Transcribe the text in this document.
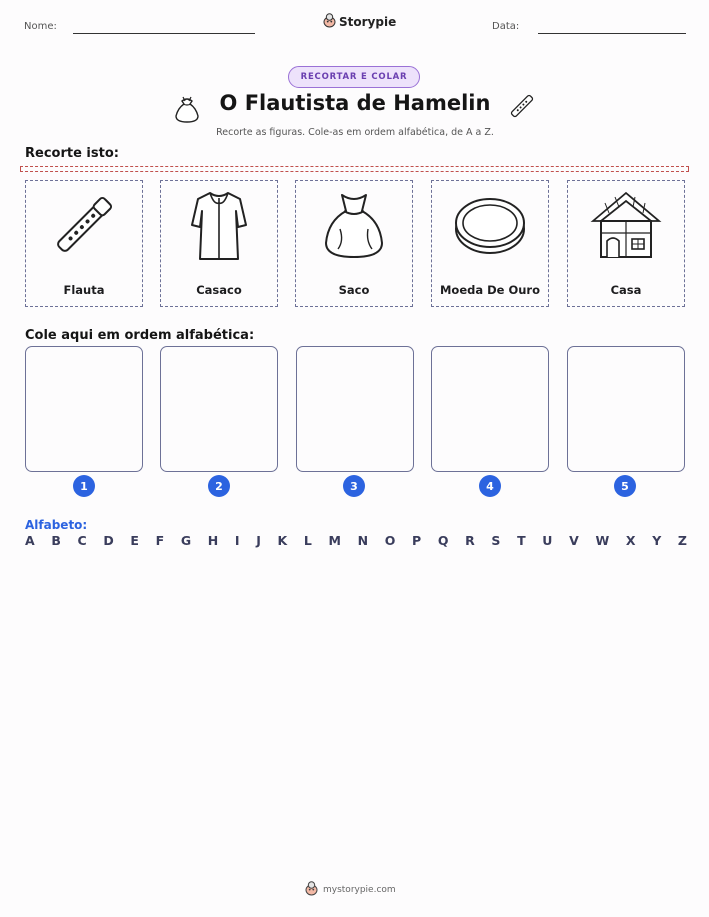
Nome:	Storypie	Data:
RECORTAR E COLAR
O Flautista de Hamelin
Recorte as figuras. Cole-as em ordem alfabética, de A a Z.
Recorte isto:
Flauta	Casaco	Saco	Moeda De Ouro	Casa
Cole aqui em ordem alfabética:
1	2	3	4	5
Alfabeto:
A B C D E F G H I J K L M N O P Q R S T U V W X Y Z
mystorypie.com
